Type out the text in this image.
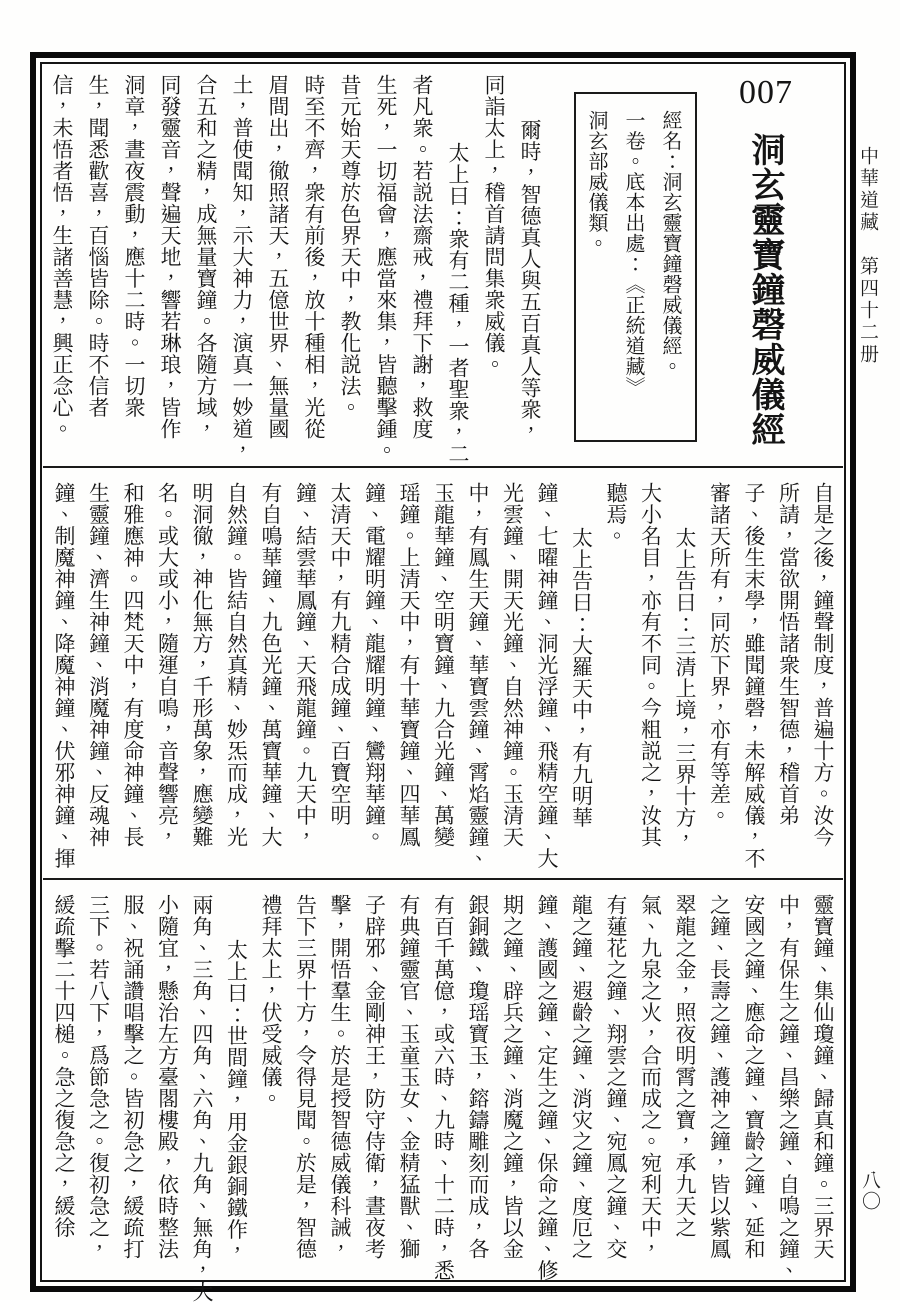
中華道藏　第四十二册
八〇
007
洞玄靈寶鐘磬威儀經
經名：洞玄靈寶鐘磬威儀經。
一卷。底本出處：《正統道藏》
洞玄部威儀類。
爾時，智德真人與五百真人等衆，
同詣太上，稽首請問集衆威儀。
太上曰：衆有二種，一者聖衆，二
者凡衆。若説法齋戒，禮拜下謝，救度
生死，一切福會，應當來集，皆聽擊鍾。
昔元始天尊於色界天中，教化説法。
時至不齊，衆有前後，放十種相，光從
眉間出，徹照諸天，五億世界、無量國
土，普使聞知，示大神力，演真一妙道，
合五和之精，成無量寶鐘。各隨方域，
同發靈音，聲遍天地，響若琳琅，皆作
洞章，晝夜震動，應十二時。一切衆
生，聞悉歡喜，百惱皆除。時不信者
信，未悟者悟，生諸善慧，興正念心。
自是之後，鐘聲制度，普遍十方。汝今
所請，當欲開悟諸衆生智德，稽首弟
子、後生末學，雖聞鐘磬，未解威儀，不
審諸天所有，同於下界，亦有等差。
太上告曰：三清上境，三界十方，
大小名目，亦有不同。今粗説之，汝其
聽焉。
太上告曰：大羅天中，有九明華
鐘、七曜神鐘、洞光浮鐘、飛精空鐘、大
光雲鐘、開天光鐘、自然神鐘。玉清天
中，有鳳生天鐘、華寶雲鐘、霄焰靈鐘、
玉龍華鐘、空明寶鐘、九合光鐘、萬變
瑶鐘。上清天中，有十華寶鐘、四華鳳
鐘、電耀明鐘、龍耀明鐘、鸞翔華鐘。
太清天中，有九精合成鐘、百寶空明
鐘、結雲華鳳鐘、天飛龍鐘。九天中，
有自鳴華鐘、九色光鐘、萬寶華鐘、大
自然鐘。皆結自然真精、妙炁而成，光
明洞徹，神化無方，千形萬象，應變難
名。或大或小，隨運自鳴，音聲響亮，
和雅應神。四梵天中，有度命神鐘、長
生靈鐘、濟生神鐘、消魔神鐘、反魂神
鐘、制魔神鐘、降魔神鐘、伏邪神鐘、揮
靈寶鐘、集仙瓊鐘、歸真和鐘。三界天
中，有保生之鐘、昌樂之鐘、自鳴之鐘、
安國之鐘、應命之鐘、寶齡之鐘、延和
之鐘、長壽之鐘、護神之鐘，皆以紫鳳
翠龍之金，照夜明霄之寶，承九天之
氣、九泉之火，合而成之。宛利天中，
有蓮花之鐘、翔雲之鐘、宛鳳之鐘、交
龍之鐘、遐齡之鐘、消灾之鐘、度厄之
鐘、護國之鐘、定生之鐘、保命之鐘、修
期之鐘、辟兵之鐘、消魔之鐘，皆以金
銀銅鐵、瓊瑶寶玉，鎔鑄雕刻而成，各
有百千萬億，或六時、九時、十二時，悉
有典鐘靈官、玉童玉女、金精猛獸、獅
子辟邪、金剛神王，防守侍衛，晝夜考
擊，開悟羣生。於是授智德威儀科誡，
告下三界十方，令得見聞。於是，智德
禮拜太上，伏受威儀。
太上曰：世間鐘，用金銀銅鐵作，
兩角、三角、四角、六角、九角、無角，大
小隨宜，懸治左方臺閣樓殿，依時整法
服、祝誦讚唱擊之。皆初急之，緩疏打
三下。若八下，爲節急之。復初急之，
緩疏擊二十四槌。急之復急之，緩徐
